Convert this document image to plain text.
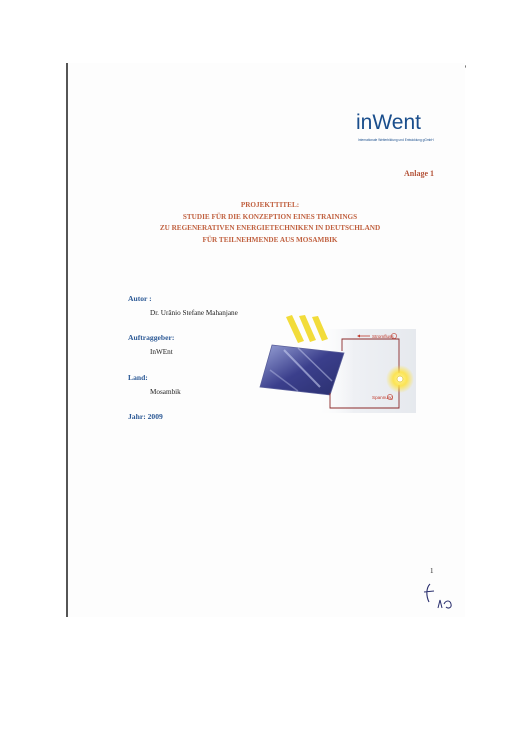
inWent
Internationale Weiterbildung und Entwicklung gGmbH
Anlage 1
PROJEKTTITEL:
STUDIE FÜR DIE KONZEPTION EINES TRAININGS
ZU REGENERATIVEN ENERGIETECHNIKEN IN DEUTSCHLAND
FÜR TEILNEHMENDE AUS MOSAMBIK
Autor :
Dr. Urânio Stefane Mahanjane
Auftraggeber:
InWEnt
Land:
Mosambik
Jahr: 2009
Stromfluss
Spannung
1
